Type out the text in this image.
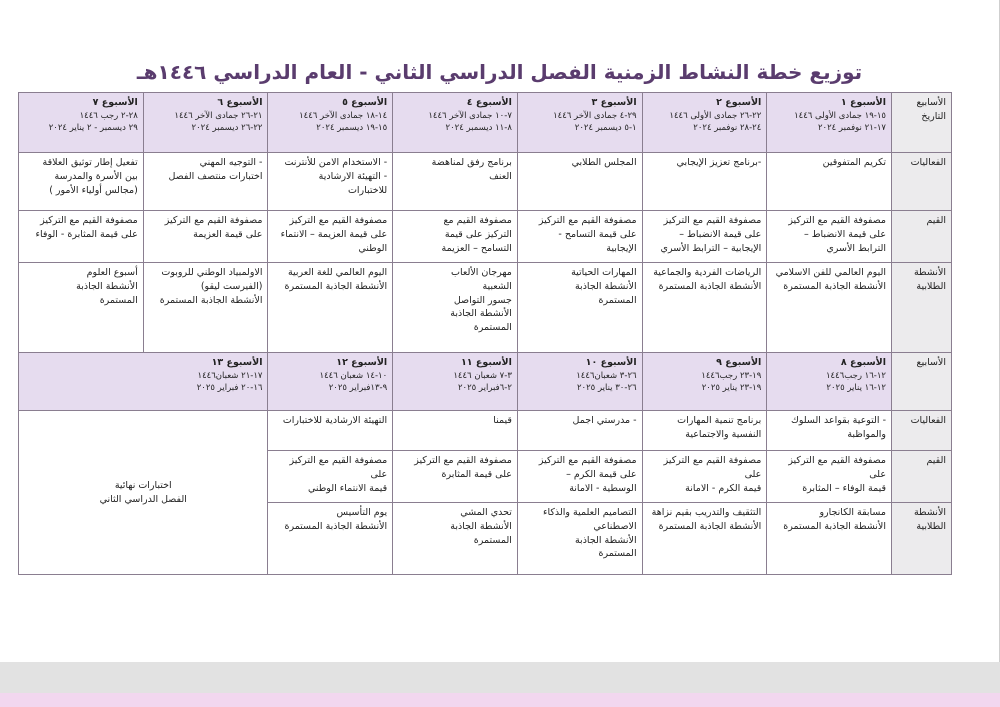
توزيع خطة النشاط الزمنية الفصل الدراسي الثاني - العام الدراسي ١٤٤٦هـ
الأسابيع
التاريخ	الأسبوع ١
١٥-١٩ جمادى الأولى ١٤٤٦
١٧-٢١ نوفمبر ٢٠٢٤	الأسبوع ٢
٢٢-٢٦ جمادى الأولى ١٤٤٦
٢٤-٢٨ نوفمبر ٢٠٢٤	الأسبوع ٣
٢٩-٤ جمادى الآخر ١٤٤٦
١-٥ ديسمبر ٢٠٢٤	الأسبوع ٤
٧-١٠ جمادى الآخر ١٤٤٦
٨-١١ ديسمبر ٢٠٢٤	الأسبوع ٥
١٤-١٨ جمادى الآخر ١٤٤٦
١٥-١٩ ديسمبر ٢٠٢٤	الأسبوع ٦
٢١-٢٦ جمادى الآخر ١٤٤٦
٢٢-٢٦ ديسمبر ٢٠٢٤	الأسبوع ٧
٢٨-٢ رجب ١٤٤٦
٢٩ ديسمبر - ٢ يناير ٢٠٢٤

الفعاليات	تكريم المتفوقين	-برنامج تعزيز الإيجابي	المجلس الطلابي	برنامج رفق لمناهضة
العنف	- الاستخدام الامن للأنترنت
- التهيئة الارشادية
للاختبارات	- التوجيه المهني
اختبارات منتصف الفصل	تفعيل إطار توثيق العلاقة
بين الأسرة والمدرسة
(مجالس أولياء الأمور )

القيم	مصفوفة القيم مع التركيز
على قيمة الانضباط –
الترابط الأسري	مصفوفة القيم مع التركيز
على قيمة الانضباط –
الإيجابية – الترابط الأسري	مصفوفة القيم مع التركيز
على قيمة التسامح -
الإيجابية	مصفوفة القيم مع
التركيز على قيمة
التسامح – العزيمة	مصفوفة القيم مع التركيز
على قيمة العزيمة – الانتماء
الوطني	مصفوفة القيم مع التركيز
على قيمة العزيمة	مصفوفة القيم مع التركيز
على قيمة المثابرة - الوفاء

الأنشطة
الطلابية	اليوم العالمي للفن الاسلامي
الأنشطة الجاذبة المستمرة	الرياضات الفردية والجماعية
الأنشطة الجاذبة المستمرة	المهارات الحياتية
الأنشطة الجاذبة
المستمرة	مهرجان الألعاب
الشعبية
جسور التواصل
الأنشطة الجاذبة
المستمرة	اليوم العالمي للغة العربية
الأنشطة الجاذبة المستمرة	الاولمبياد الوطني للروبوت
(الفيرست ليقو)
الأنشطة الجاذبة المستمرة	أسبوع العلوم
الأنشطة الجاذبة
المستمرة

الأسابيع	الأسبوع ٨
١٢-١٦ رجب١٤٤٦
١٢-١٦ يناير ٢٠٢٥	الأسبوع ٩
١٩-٢٣ رجب١٤٤٦
١٩-٢٣ يناير ٢٠٢٥	الأسبوع ١٠
٢٦-٣ شعبان١٤٤٦
٢٦-٣٠ يناير ٢٠٢٥	الأسبوع ١١
٣-٧ شعبان ١٤٤٦
٢-٦فبراير ٢٠٢٥	الأسبوع ١٢
١٠-١٤ شعبان ١٤٤٦
٩-١٣فبراير ٢٠٢٥	الأسبوع ١٣
١٧-٢١ شعبان١٤٤٦
١٦-٢٠ فبراير ٢٠٢٥	

الفعاليات	- التوعية بقواعد السلوك
والمواظبة	برنامج تنمية المهارات
النفسية والاجتماعية	- مدرستي اجمل	قيمنا	التهيئة الارشادية للاختبارات	اختبارات نهائية
الفصل الدراسي الثاني	

القيم	مصفوفة القيم مع التركيز على
قيمة الوفاء – المثابرة	مصفوفة القيم مع التركيز على
قيمة الكرم - الامانة	مصفوفة القيم مع التركيز
على قيمة الكرم –
الوسطية - الامانة	مصفوفة القيم مع التركيز
على قيمة المثابرة	مصفوفة القيم مع التركيز على
قيمة الانتماء الوطني		

الأنشطة
الطلابية	مسابقة الكانجارو
الأنشطة الجاذبة المستمرة	التثقيف والتدريب بقيم نزاهة
الأنشطة الجاذبة المستمرة	التصاميم العلمية والذكاء
الاصطناعي
الأنشطة الجاذبة
المستمرة	تحدي المشي
الأنشطة الجاذبة
المستمرة	يوم التأسيس
الأنشطة الجاذبة المستمرة		
